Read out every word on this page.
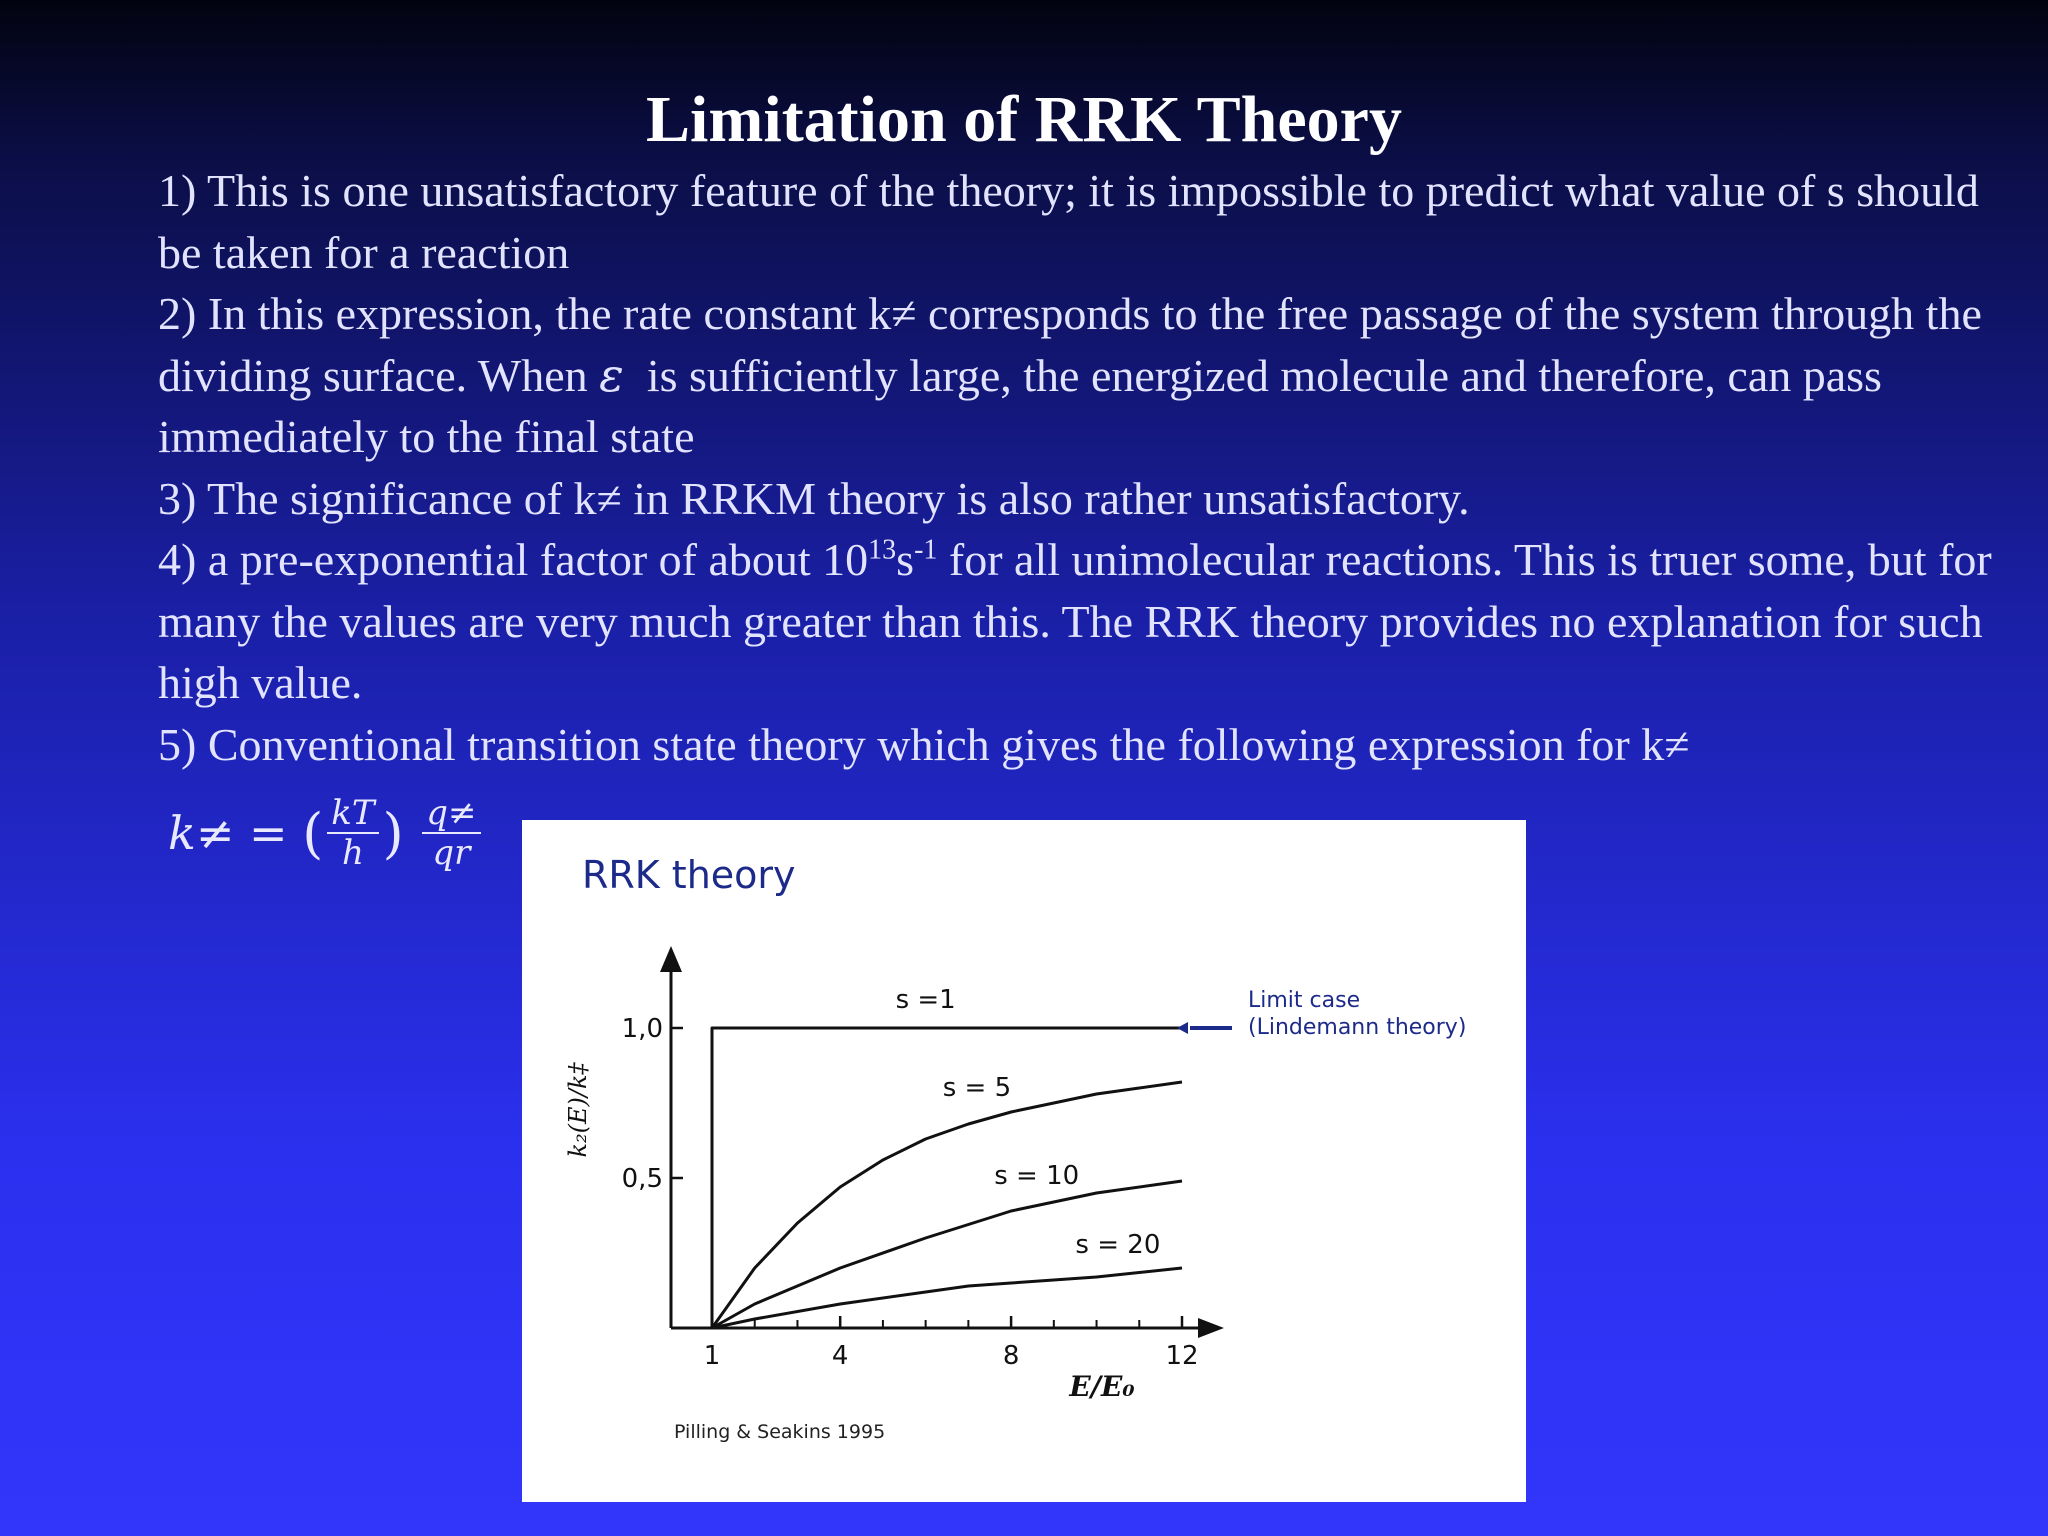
Limitation of RRK Theory

1) This is one unsatisfactory feature of the theory; it is impossible to predict what value of s should be taken for a reaction

2) In this expression, the rate constant k≠ corresponds to the free passage of the system through the dividing surface. When ε is sufficiently large, the energized molecule and therefore, can pass immediately to the final state

3) The significance of k≠ in RRKM theory is also rather unsatisfactory.

4) a pre-exponential factor of about $10^{13}s^{-1}$ for all unimolecular reactions. This is truer some, but for many the values are very much greater than this. The RRK theory provides no explanation for such high value.

5) Conventional transition state theory which gives the following expression for k≠

k≠ =
( $\frac{kT}{h}$ )
$\frac{q\ne}{qr}$
RRK theory
1	4	8	12
1,0
0,5
s =1
s = 5
s = 10
s = 20
k₂(E)/k‡
E/E₀
Limit case
(Lindemann theory)
Pilling & Seakins 1995
